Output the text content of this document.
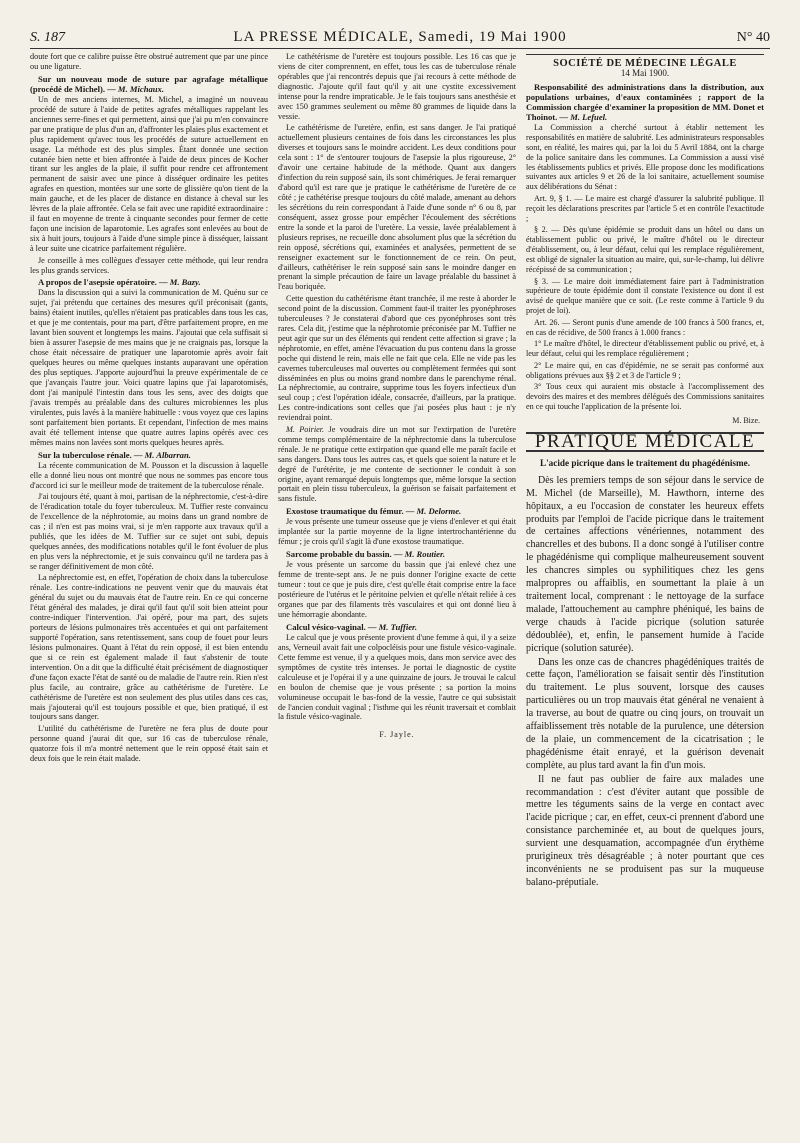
S. 187	LA PRESSE MÉDICALE, Samedi, 19 Mai 1900	N° 40

doute fort que ce calibre puisse être obstrué autrement que par une pince ou une ligature.

Sur un nouveau mode de suture par agrafage métallique (procédé de Michel). — M. Michaux.

Un de mes anciens internes, M. Michel, a imaginé un nouveau procédé de suture à l'aide de petites agrafes métalliques rappelant les anciennes serre-fines et qui permettent, ainsi que j'ai pu m'en convaincre par une pratique de plus d'un an, d'affronter les plaies plus exactement et plus rapidement qu'avec tous les procédés de suture actuellement en usage. La méthode est des plus simples. Étant donnée une section cutanée bien nette et bien affrontée à l'aide de deux pinces de Kocher tirant sur les angles de la plaie, il suffit pour rendre cet affrontement permanent de saisir avec une pince à disséquer ordinaire les petites agrafes en question, montées sur une sorte de glissière qu'on tient de la main gauche, et de les placer de distance en distance à cheval sur les lèvres de la plaie affrontée. Cela se fait avec une rapidité extraordinaire : il faut en moyenne de trente à cinquante secondes pour fermer de cette façon une incision de laparotomie. Les agrafes sont enlevées au bout de six à huit jours, toujours à l'aide d'une simple pince à disséquer, laissant à leur suite une cicatrice parfaitement régulière.

Je conseille à mes collègues d'essayer cette méthode, qui leur rendra les plus grands services.

A propos de l'asepsie opératoire. — M. Bazy.

Dans la discussion qui a suivi la communication de M. Quénu sur ce sujet, j'ai prétendu que certaines des mesures qu'il préconisait (gants, bains) étaient inutiles, qu'elles n'étaient pas praticables dans tous les cas, et que je me contentais, pour ma part, d'être parfaitement propre, en me lavant bien souvent et longtemps les mains. J'ajoutai que cela suffisait si bien à assurer l'asepsie de mes mains que je ne craignais pas, lorsque la chose était nécessaire de pratiquer une laparotomie après avoir fait quelques heures ou même quelques instants auparavant une opération des plus septiques. J'apporte aujourd'hui la preuve expérimentale de ce que j'avançais l'autre jour. Voici quatre lapins que j'ai laparotomisés, dont j'ai manipulé l'intestin dans tous les sens, avec des doigts que j'avais trempés au préalable dans des cultures microbiennes les plus virulentes, puis lavés à la manière habituelle : vous voyez que ces lapins sont parfaitement bien portants. Et cependant, l'infection de mes mains avait été tellement intense que quatre autres lapins opérés avec ces mêmes mains non lavées sont morts quelques heures après.

Sur la tuberculose rénale. — M. Albarran.

La récente communication de M. Pousson et la discussion à laquelle elle a donné lieu nous ont montré que nous ne sommes pas encore tous d'accord ici sur le meilleur mode de traitement de la tuberculose rénale.

J'ai toujours été, quant à moi, partisan de la néphrectomie, c'est-à-dire de l'éradication totale du foyer tuberculeux. M. Tuffier reste convaincu de l'excellence de la néphrotomie, au moins dans un grand nombre de cas ; il n'en est pas moins vrai, si je m'en rapporte aux travaux qu'il a publiés, que les idées de M. Tuffier sur ce sujet ont subi, depuis quelques années, des modifications notables qu'il le font évoluer de plus en plus vers la néphrectomie, et je suis convaincu qu'il ne tardera pas à se ranger définitivement de mon côté.

La néphrectomie est, en effet, l'opération de choix dans la tuberculose rénale. Les contre-indications ne peuvent venir que du mauvais état général du sujet ou du mauvais état de l'autre rein. En ce qui concerne l'état général des malades, je dirai qu'il faut qu'il soit bien atteint pour contre-indiquer l'intervention. J'ai opéré, pour ma part, des sujets porteurs de lésions pulmonaires très accentuées et qui ont parfaitement supporté l'opération, sans retentissement, sans coup de fouet pour leurs lésions pulmonaires. Quant à l'état du rein opposé, il est bien entendu que si ce rein est également malade il faut s'abstenir de toute intervention. On a dit que la difficulté était précisément de diagnostiquer d'une façon exacte l'état de santé ou de maladie de l'autre rein. Rien n'est plus facile, au contraire, grâce au cathétérisme de l'uretère. Le cathétérisme de l'uretère est non seulement des plus utiles dans ces cas, mais j'ajouterai qu'il est toujours possible et que, bien pratiqué, il est toujours sans danger.

L'utilité du cathétérisme de l'uretère ne fera plus de doute pour personne quand j'aurai dit que, sur 16 cas de tuberculose rénale, quatorze fois il m'a montré nettement que le rein opposé était sain et deux fois que le rein était malade.

Le cathétérisme de l'uretère est toujours possible. Les 16 cas que je viens de citer comprennent, en effet, tous les cas de tuberculose rénale opérables que j'ai rencontrés depuis que j'ai recours à cette méthode de diagnostic. J'ajoute qu'il faut qu'il y ait une cystite excessivement intense pour la rendre impraticable. Je le fais toujours sans anesthésie et avec 150 grammes seulement ou même 80 grammes de liquide dans la vessie.

Le cathétérisme de l'uretère, enfin, est sans danger. Je l'ai pratiqué actuellement plusieurs centaines de fois dans les circonstances les plus diverses et toujours sans le moindre accident. Les deux conditions pour cela sont : 1° de s'entourer toujours de l'asepsie la plus rigoureuse, 2° d'avoir une certaine habitude de la méthode. Quant aux dangers d'infection du rein supposé sain, ils sont chimériques. Je ferai remarquer d'abord qu'il est rare que je pratique le cathétérisme de l'uretère de ce côté ; je cathétérise presque toujours du côté malade, amenant au dehors les sécrétions du rein correspondant à l'aide d'une sonde n° 6 ou 8, par conséquent, assez grosse pour empêcher l'écoulement des sécrétions entre la sonde et la paroi de l'uretère. La vessie, lavée préalablement à plusieurs reprises, ne recueille donc absolument plus que la sécrétion du rein opposé, sécrétions qui, examinées et analysées, permettent de se renseigner exactement sur le fonctionnement de ce rein. On peut, d'ailleurs, cathétériser le rein supposé sain sans le moindre danger en prenant la simple précaution de faire un lavage préalable du bassinet à l'eau boriquée.

Cette question du cathétérisme étant tranchée, il me reste à aborder le second point de la discussion. Comment faut-il traiter les pyonéphroses tuberculeuses ? Je constaterai d'abord que ces pyonéphroses sont très rares. Cela dit, j'estime que la néphrotomie préconisée par M. Tuffier ne peut agir que sur un des éléments qui rendent cette affection si grave ; la néphrotomie, en effet, amène l'évacuation du pus contenu dans la grosse poche qui distend le rein, mais elle ne fait que cela. Elle ne vide pas les cavernes tuberculeuses mal ouvertes ou complètement fermées qui sont disséminées en plus ou moins grand nombre dans le parenchyme rénal. La néphrectomie, au contraire, supprime tous les foyers infectieux d'un seul coup ; c'est l'opération idéale, consacrée, d'ailleurs, par la pratique. Les contre-indications sont celles que j'ai posées plus haut : je n'y reviendrai point.

M. Poirier. Je voudrais dire un mot sur l'extirpation de l'uretère comme temps complémentaire de la néphrectomie dans la tuberculose rénale. Je ne pratique cette extirpation que quand elle me paraît facile et sans dangers. Dans tous les autres cas, et quels que soient la nature et le degré de l'urétérite, je me contente de sectionner le conduit à son origine, ayant remarqué depuis longtemps que, même lorsque la section portait en plein tissu tuberculeux, la guérison se faisait parfaitement et sans fistule.

Exostose traumatique du fémur. — M. Delorme.

Je vous présente une tumeur osseuse que je viens d'enlever et qui était implantée sur la partie moyenne de la ligne intertrochantérienne du fémur ; je crois qu'il s'agit là d'une exostose traumatique.

Sarcome probable du bassin. — M. Routier.

Je vous présente un sarcome du bassin que j'ai enlevé chez une femme de trente-sept ans. Je ne puis donner l'origine exacte de cette tumeur : tout ce que je puis dire, c'est qu'elle était comprise entre la face postérieure de l'utérus et le péritoine pelvien et qu'elle n'était reliée à ces organes que par des filaments très vasculaires et qui ont donné lieu à une hémorragie abondante.

Calcul vésico-vaginal. — M. Tuffier.

Le calcul que je vous présente provient d'une femme à qui, il y a seize ans, Verneuil avait fait une colpocléisis pour une fistule vésico-vaginale. Cette femme est venue, il y a quelques mois, dans mon service avec des symptômes de cystite très intenses. Je portai le diagnostic de cystite calculeuse et je l'opérai il y a une quinzaine de jours. Je trouvai le calcul en boulon de chemise que je vous présente ; sa portion la moins volumineuse occupait le bas-fond de la vessie, l'autre ce qui subsistait de l'ancien conduit vaginal ; l'isthme qui les réunit traversait et comblait la fistule vésico-vaginale.

F. Jayle.
SOCIÉTÉ DE MÉDECINE LÉGALE
14 Mai 1900.
Responsabilité des administrations dans la distribution, aux populations urbaines, d'eaux contaminées ; rapport de la Commission chargée d'examiner la proposition de MM. Donet et Thoinot. — M. Lefuel.

La Commission a cherché surtout à établir nettement les responsabilités en matière de salubrité. Les administrateurs responsables sont, en réalité, les maires qui, par la loi du 5 Avril 1884, ont la charge de la police sanitaire dans les communes. La Commission a aussi visé les établissements publics et privés. Elle propose donc les modifications suivantes aux articles 9 et 26 de la loi sanitaire, actuellement soumise aux délibérations du Sénat :

Art. 9, § 1. — Le maire est chargé d'assurer la salubrité publique. Il reçoit les déclarations prescrites par l'article 5 et en contrôle l'exactitude ;

§ 2. — Dès qu'une épidémie se produit dans un hôtel ou dans un établissement public ou privé, le maître d'hôtel ou le directeur d'établissement, ou, à leur défaut, celui qui les remplace régulièrement, est obligé de signaler la situation au maire, qui, sur-le-champ, lui délivre récépissé de sa communication ;

§ 3. — Le maire doit immédiatement faire part à l'administration supérieure de toute épidémie dont il constate l'existence ou dont il est avisé de quelque manière que ce soit. (Le reste comme à l'article 9 du projet de loi).

Art. 26. — Seront punis d'une amende de 100 francs à 500 francs, et, en cas de récidive, de 500 francs à 1.000 francs :

1° Le maître d'hôtel, le directeur d'établissement public ou privé, et, à leur défaut, celui qui les remplace régulièrement ;

2° Le maire qui, en cas d'épidémie, ne se serait pas conformé aux obligations prévues aux §§ 2 et 3 de l'article 9 ;

3° Tous ceux qui auraient mis obstacle à l'accomplissement des devoirs des maires et des membres délégués des Commissions sanitaires en ce qui touche l'application de la présente loi.

M. Bize.
PRATIQUE MÉDICALE
L'acide picrique dans le traitement du phagédénisme.

Dès les premiers temps de son séjour dans le service de M. Michel (de Marseille), M. Hawthorn, interne des hôpitaux, a eu l'occasion de constater les heureux effets produits par l'emploi de l'acide picrique dans le traitement de certaines affections vénériennes, notamment des chancrelles et des bubons. Il a donc songé à l'utiliser contre le phagédénisme qui complique malheureusement souvent les chancres simples ou syphilitiques chez les gens malpropres ou affaiblis, en soumettant la plaie à un traitement local, comprenant : le nettoyage de la surface malade, l'attouchement au camphre phéniqué, les bains de verge chauds à l'acide picrique (solution saturée dédoublée), et, enfin, le pansement humide à l'acide picrique (solution saturée).

Dans les onze cas de chancres phagédéniques traités de cette façon, l'amélioration se faisait sentir dès l'institution du traitement. Le plus souvent, lorsque des causes particulières ou un trop mauvais état général ne venaient à la traverse, au bout de quatre ou cinq jours, on trouvait un affaiblissement très notable de la purulence, une détersion de la plaie, un commencement de la cicatrisation ; le phagédénisme était enrayé, et la guérison devenait complète, au plus tard avant la fin d'un mois.

Il ne faut pas oublier de faire aux malades une recommandation : c'est d'éviter autant que possible de mettre les téguments sains de la verge en contact avec l'acide picrique ; car, en effet, ceux-ci prennent d'abord une consistance parcheminée et, au bout de quelques jours, survient une desquamation, accompagnée d'un érythème prurigineux très désagréable ; à noter pourtant que ces inconvénients ne se produisent pas sur la muqueuse balano-préputiale.
